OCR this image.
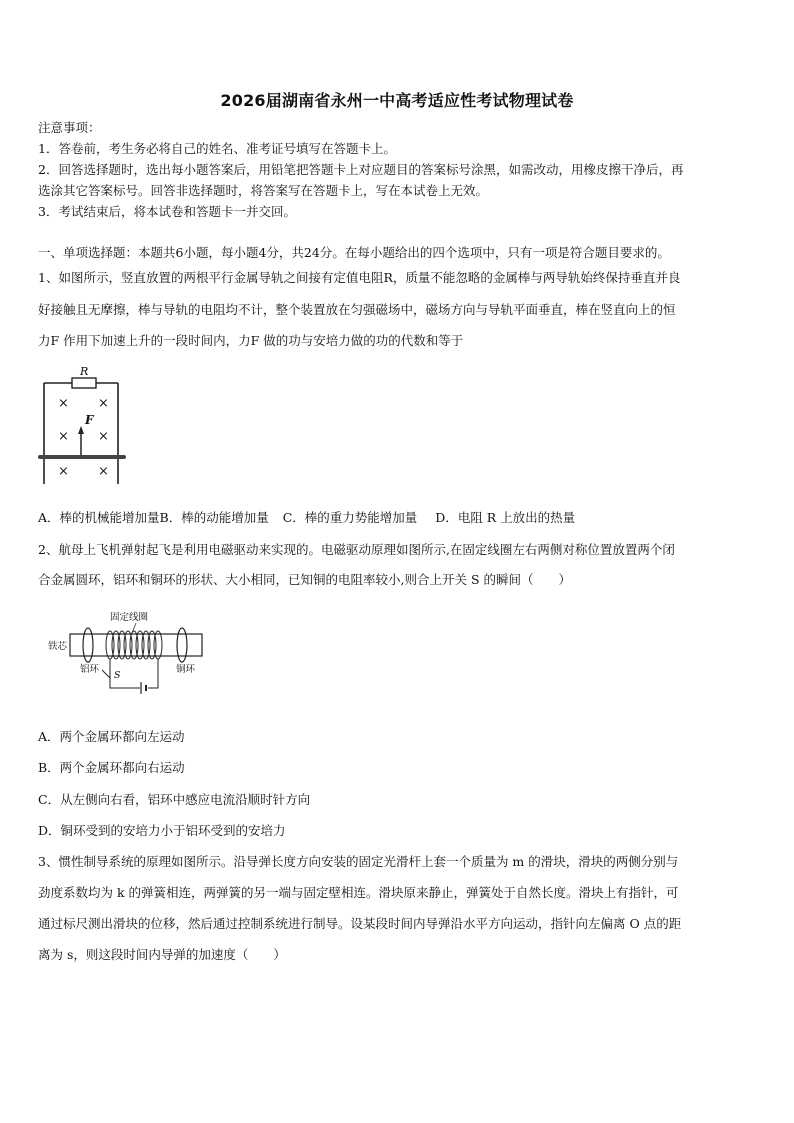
2026届湖南省永州一中高考适应性考试物理试卷
注意事项：
1．答卷前，考生务必将自己的姓名、准考证号填写在答题卡上。
2．回答选择题时，选出每小题答案后，用铅笔把答题卡上对应题目的答案标号涂黑，如需改动，用橡皮擦干净后，再
选涂其它答案标号。回答非选择题时，将答案写在答题卡上，写在本试卷上无效。
3．考试结束后，将本试卷和答题卡一并交回。
一、单项选择题：本题共6小题，每小题4分，共24分。在每小题给出的四个选项中，只有一项是符合题目要求的。
1、如图所示，竖直放置的两根平行金属导轨之间接有定值电阻R，质量不能忽略的金属棒与两导轨始终保持垂直并良
好接触且无摩擦，棒与导轨的电阻均不计，整个装置放在匀强磁场中，磁场方向与导轨平面垂直，棒在竖直向上的恒
力F 作用下加速上升的一段时间内，力F 做的功与安培力做的功的代数和等于
R
× ×
× ×
× ×
F
A．棒的机械能增加量B．棒的动能增加量 C．棒的重力势能增加量 D．电阻 R 上放出的热量
2、航母上飞机弹射起飞是利用电磁驱动来实现的。电磁驱动原理如图所示,在固定线圈左右两侧对称位置放置两个闭
合金属圆环，铝环和铜环的形状、大小相同，已知铜的电阻率较小,则合上开关 S 的瞬间（　　）
固定线圈
铁芯
铝环	铜环
S
A．两个金属环都向左运动
B．两个金属环都向右运动
C．从左侧向右看，铝环中感应电流沿顺时针方向
D．铜环受到的安培力小于铝环受到的安培力
3、惯性制导系统的原理如图所示。沿导弹长度方向安装的固定光滑杆上套一个质量为 m 的滑块，滑块的两侧分别与
劲度系数均为 k 的弹簧相连，两弹簧的另一端与固定壁相连。滑块原来静止，弹簧处于自然长度。滑块上有指针，可
通过标尺测出滑块的位移，然后通过控制系统进行制导。设某段时间内导弹沿水平方向运动，指针向左偏离 O 点的距
离为 s，则这段时间内导弹的加速度（　　）
